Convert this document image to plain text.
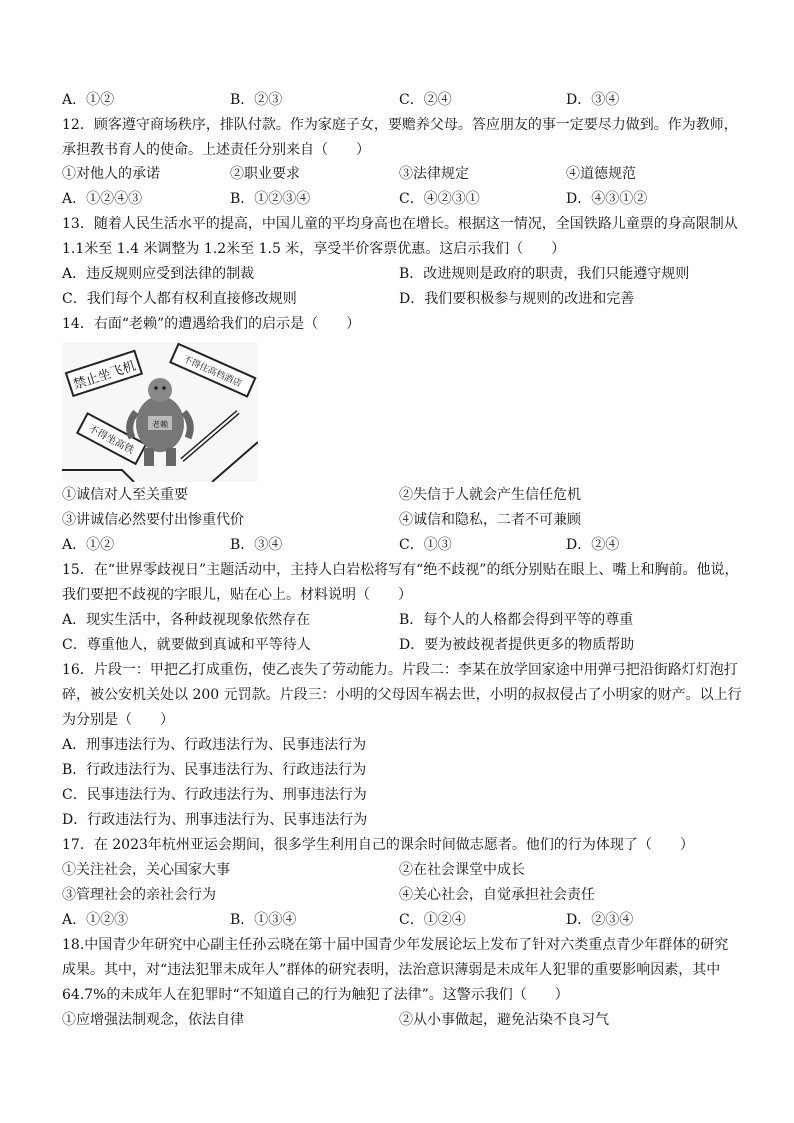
A．①②	B．②③	C．②④	D．③④
12．顾客遵守商场秩序，排队付款。作为家庭子女，要赡养父母。答应朋友的事一定要尽力做到。作为教师，
承担教书育人的使命。上述责任分别来自（　　）
①对他人的承诺	②职业要求	③法律规定	④道德规范
A．①②④③	B．①②③④	C．④②③①	D．④③①②
13．随着人民生活水平的提高，中国儿童的平均身高也在增长。根据这一情况，全国铁路儿童票的身高限制从
1.1米至 1.4 米调整为 1.2米至 1.5 米，享受半价客票优惠。这启示我们（　　）
A．违反规则应受到法律的制裁	B．改进规则是政府的职责，我们只能遵守规则
C．我们每个人都有权利直接修改规则	D．我们要积极参与规则的改进和完善
14．右面“老赖”的遭遇给我们的启示是（　　）
禁止坐飞机	不得住高档酒店
不得坐高铁 老赖
①诚信对人至关重要	②失信于人就会产生信任危机
③讲诚信必然要付出惨重代价	④诚信和隐私，二者不可兼顾
A．①②	B．③④	C．①③	D．②④
15．在“世界零歧视日”主题活动中，主持人白岩松将写有“绝不歧视”的纸分别贴在眼上、嘴上和胸前。他说，
我们要把不歧视的字眼儿，贴在心上。材料说明（　　）
A．现实生活中，各种歧视现象依然存在	B．每个人的人格都会得到平等的尊重
C．尊重他人，就要做到真诚和平等待人	D．要为被歧视者提供更多的物质帮助
16．片段一：甲把乙打成重伤，使乙丧失了劳动能力。片段二：李某在放学回家途中用弹弓把沿街路灯灯泡打
碎，被公安机关处以 200 元罚款。片段三：小明的父母因车祸去世，小明的叔叔侵占了小明家的财产。以上行
为分别是（　　）
A．刑事违法行为、行政违法行为、民事违法行为
B．行政违法行为、民事违法行为、行政违法行为
C．民事违法行为、行政违法行为、刑事违法行为
D．行政违法行为、刑事违法行为、民事违法行为
17．在 2023年杭州亚运会期间，很多学生利用自己的课余时间做志愿者。他们的行为体现了（　　）
①关注社会，关心国家大事	②在社会课堂中成长
③管理社会的亲社会行为	④关心社会，自觉承担社会责任
A．①②③	B．①③④	C．①②④	D．②③④
18.中国青少年研究中心副主任孙云晓在第十届中国青少年发展论坛上发布了针对六类重点青少年群体的研究
成果。其中，对“违法犯罪未成年人”群体的研究表明，法治意识薄弱是未成年人犯罪的重要影响因素，其中
64.7%的未成年人在犯罪时“不知道自己的行为触犯了法律”。这警示我们（　　）
①应增强法制观念，依法自律	②从小事做起，避免沾染不良习气
